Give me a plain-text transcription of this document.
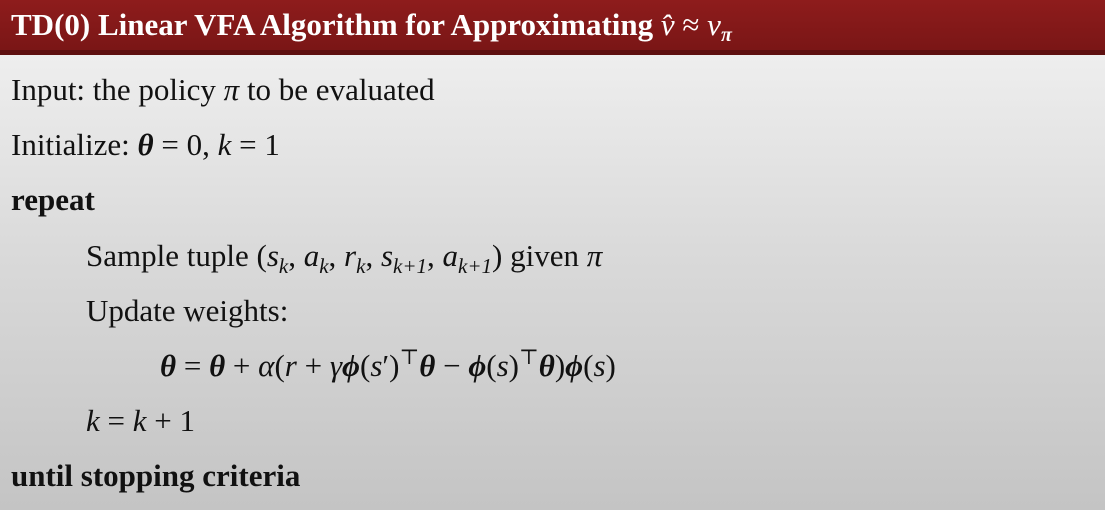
TD(0) Linear VFA Algorithm for Approximating v̂ ≈ $v_\pi$
Input: the policy π to be evaluated
Initialize: θ = 0, k = 1
repeat
Sample tuple ($s_k$, $a_k$, $r_k$, $s_{k+1}$, $a_{k+1}$) given π
Update weights:
θ = θ + α(r + γϕ(s′)⊤θ − ϕ(s)⊤θ)ϕ(s)
k = k + 1
until stopping criteria
